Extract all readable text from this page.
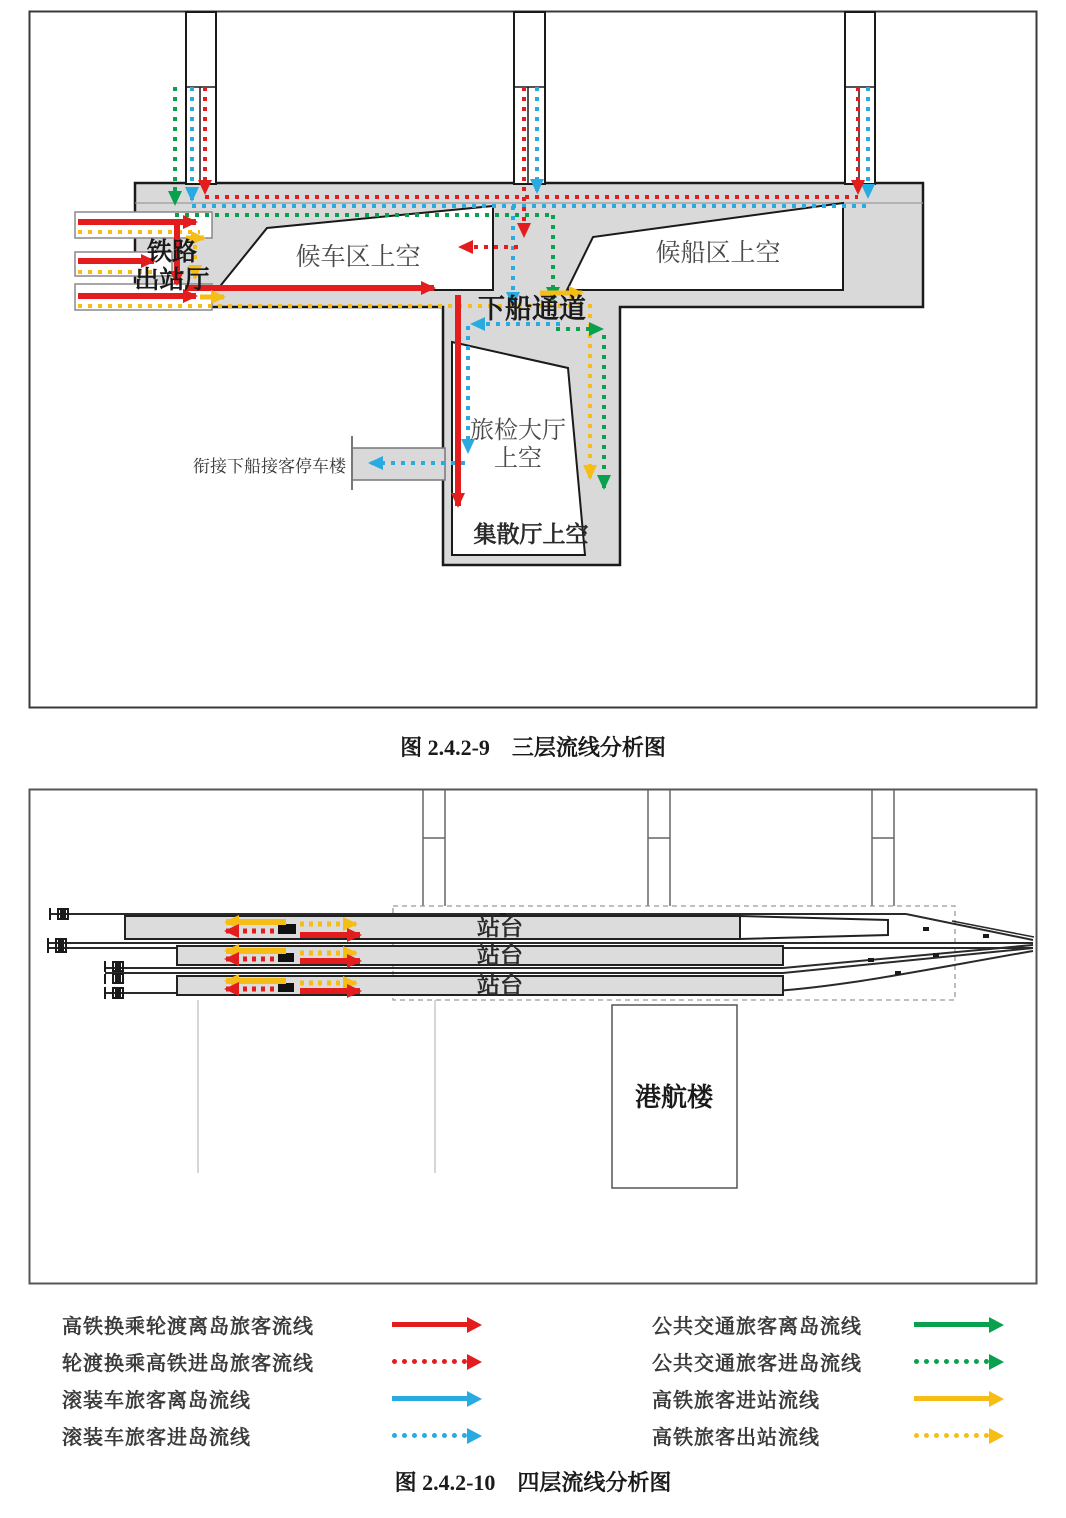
铁路
出站厅
候车区上空	候船区上空
下船通道
旅检大厅
上空
集散厅上空
衔接下船接客停车楼
图 2.4.2-9　三层流线分析图
站台
站台
站台
港航楼
高铁换乘轮渡离岛旅客流线
轮渡换乘高铁进岛旅客流线
滚装车旅客离岛流线
滚装车旅客进岛流线
公共交通旅客离岛流线
公共交通旅客进岛流线
高铁旅客进站流线
高铁旅客出站流线
图 2.4.2-10　四层流线分析图
